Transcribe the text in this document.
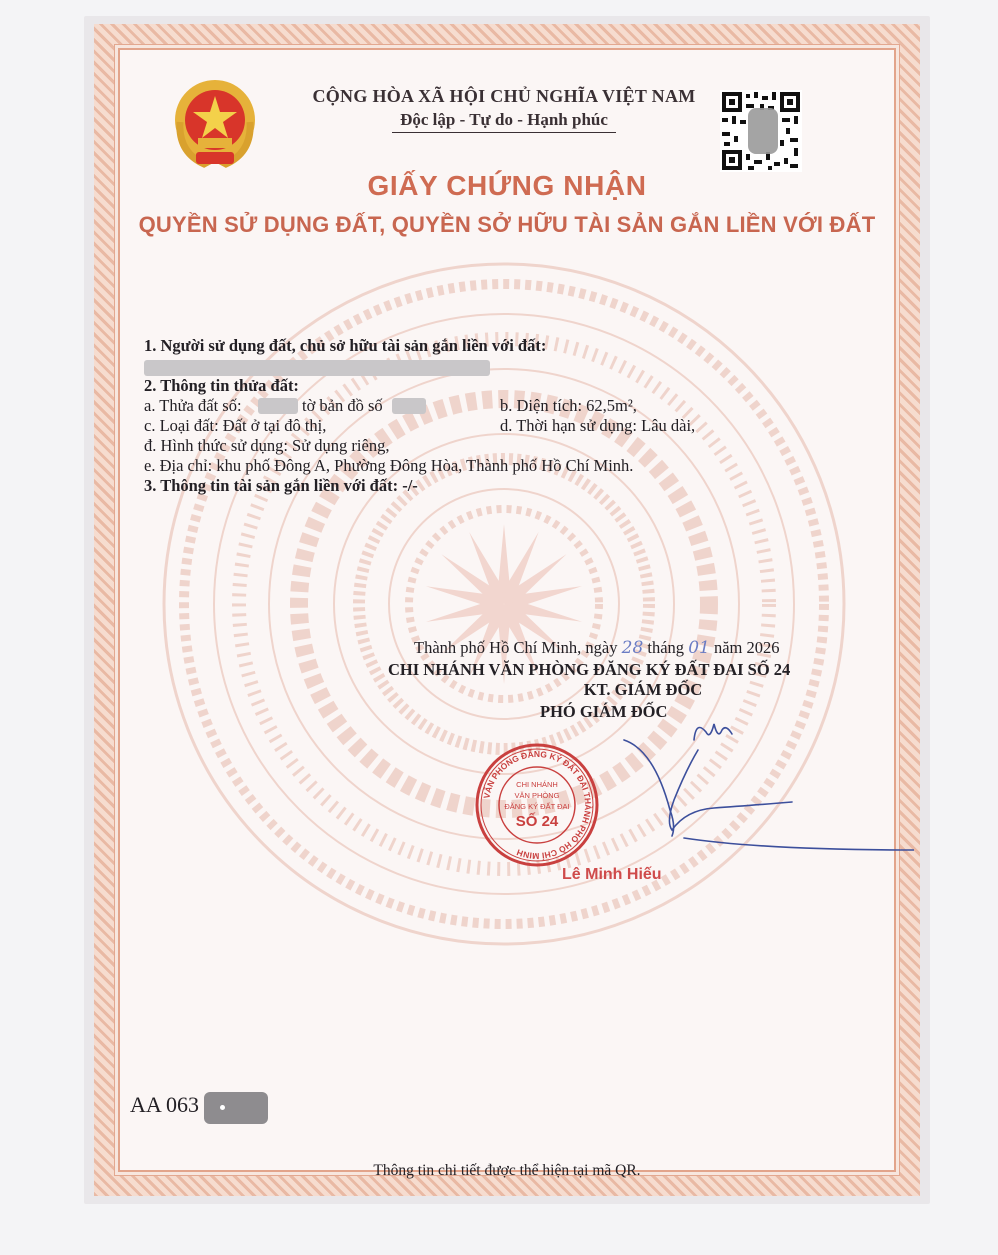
CỘNG HÒA XÃ HỘI CHỦ NGHĨA VIỆT NAM
Độc lập - Tự do - Hạnh phúc
GIẤY CHỨNG NHẬN
QUYỀN SỬ DỤNG ĐẤT, QUYỀN SỞ HỮU TÀI SẢN GẮN LIỀN VỚI ĐẤT
1. Người sử dụng đất, chủ sở hữu tài sản gắn liền với đất:
2. Thông tin thửa đất:
a. Thửa đất số:	tờ bản đồ số	b. Diện tích: 62,5m²,
c. Loại đất: Đất ở tại đô thị,	d. Thời hạn sử dụng: Lâu dài,
đ. Hình thức sử dụng: Sử dụng riêng,
e. Địa chỉ: khu phố Đông A, Phường Đông Hòa, Thành phố Hồ Chí Minh.
3. Thông tin tài sản gắn liền với đất: -/-
Thành phố Hồ Chí Minh, ngày 28 tháng 01 năm 2026
CHI NHÁNH VĂN PHÒNG ĐĂNG KÝ ĐẤT ĐAI SỐ 24
KT. GIÁM ĐỐC
PHÓ GIÁM ĐỐC
VĂN PHÒNG ĐĂNG KÝ ĐẤT ĐAI THÀNH PHỐ HỒ CHÍ MINH
CHI NHÁNH
VĂN PHÒNG
ĐĂNG KÝ ĐẤT ĐAI
SỐ 24
Lê Minh Hiếu
AA 063
Thông tin chi tiết được thể hiện tại mã QR.
